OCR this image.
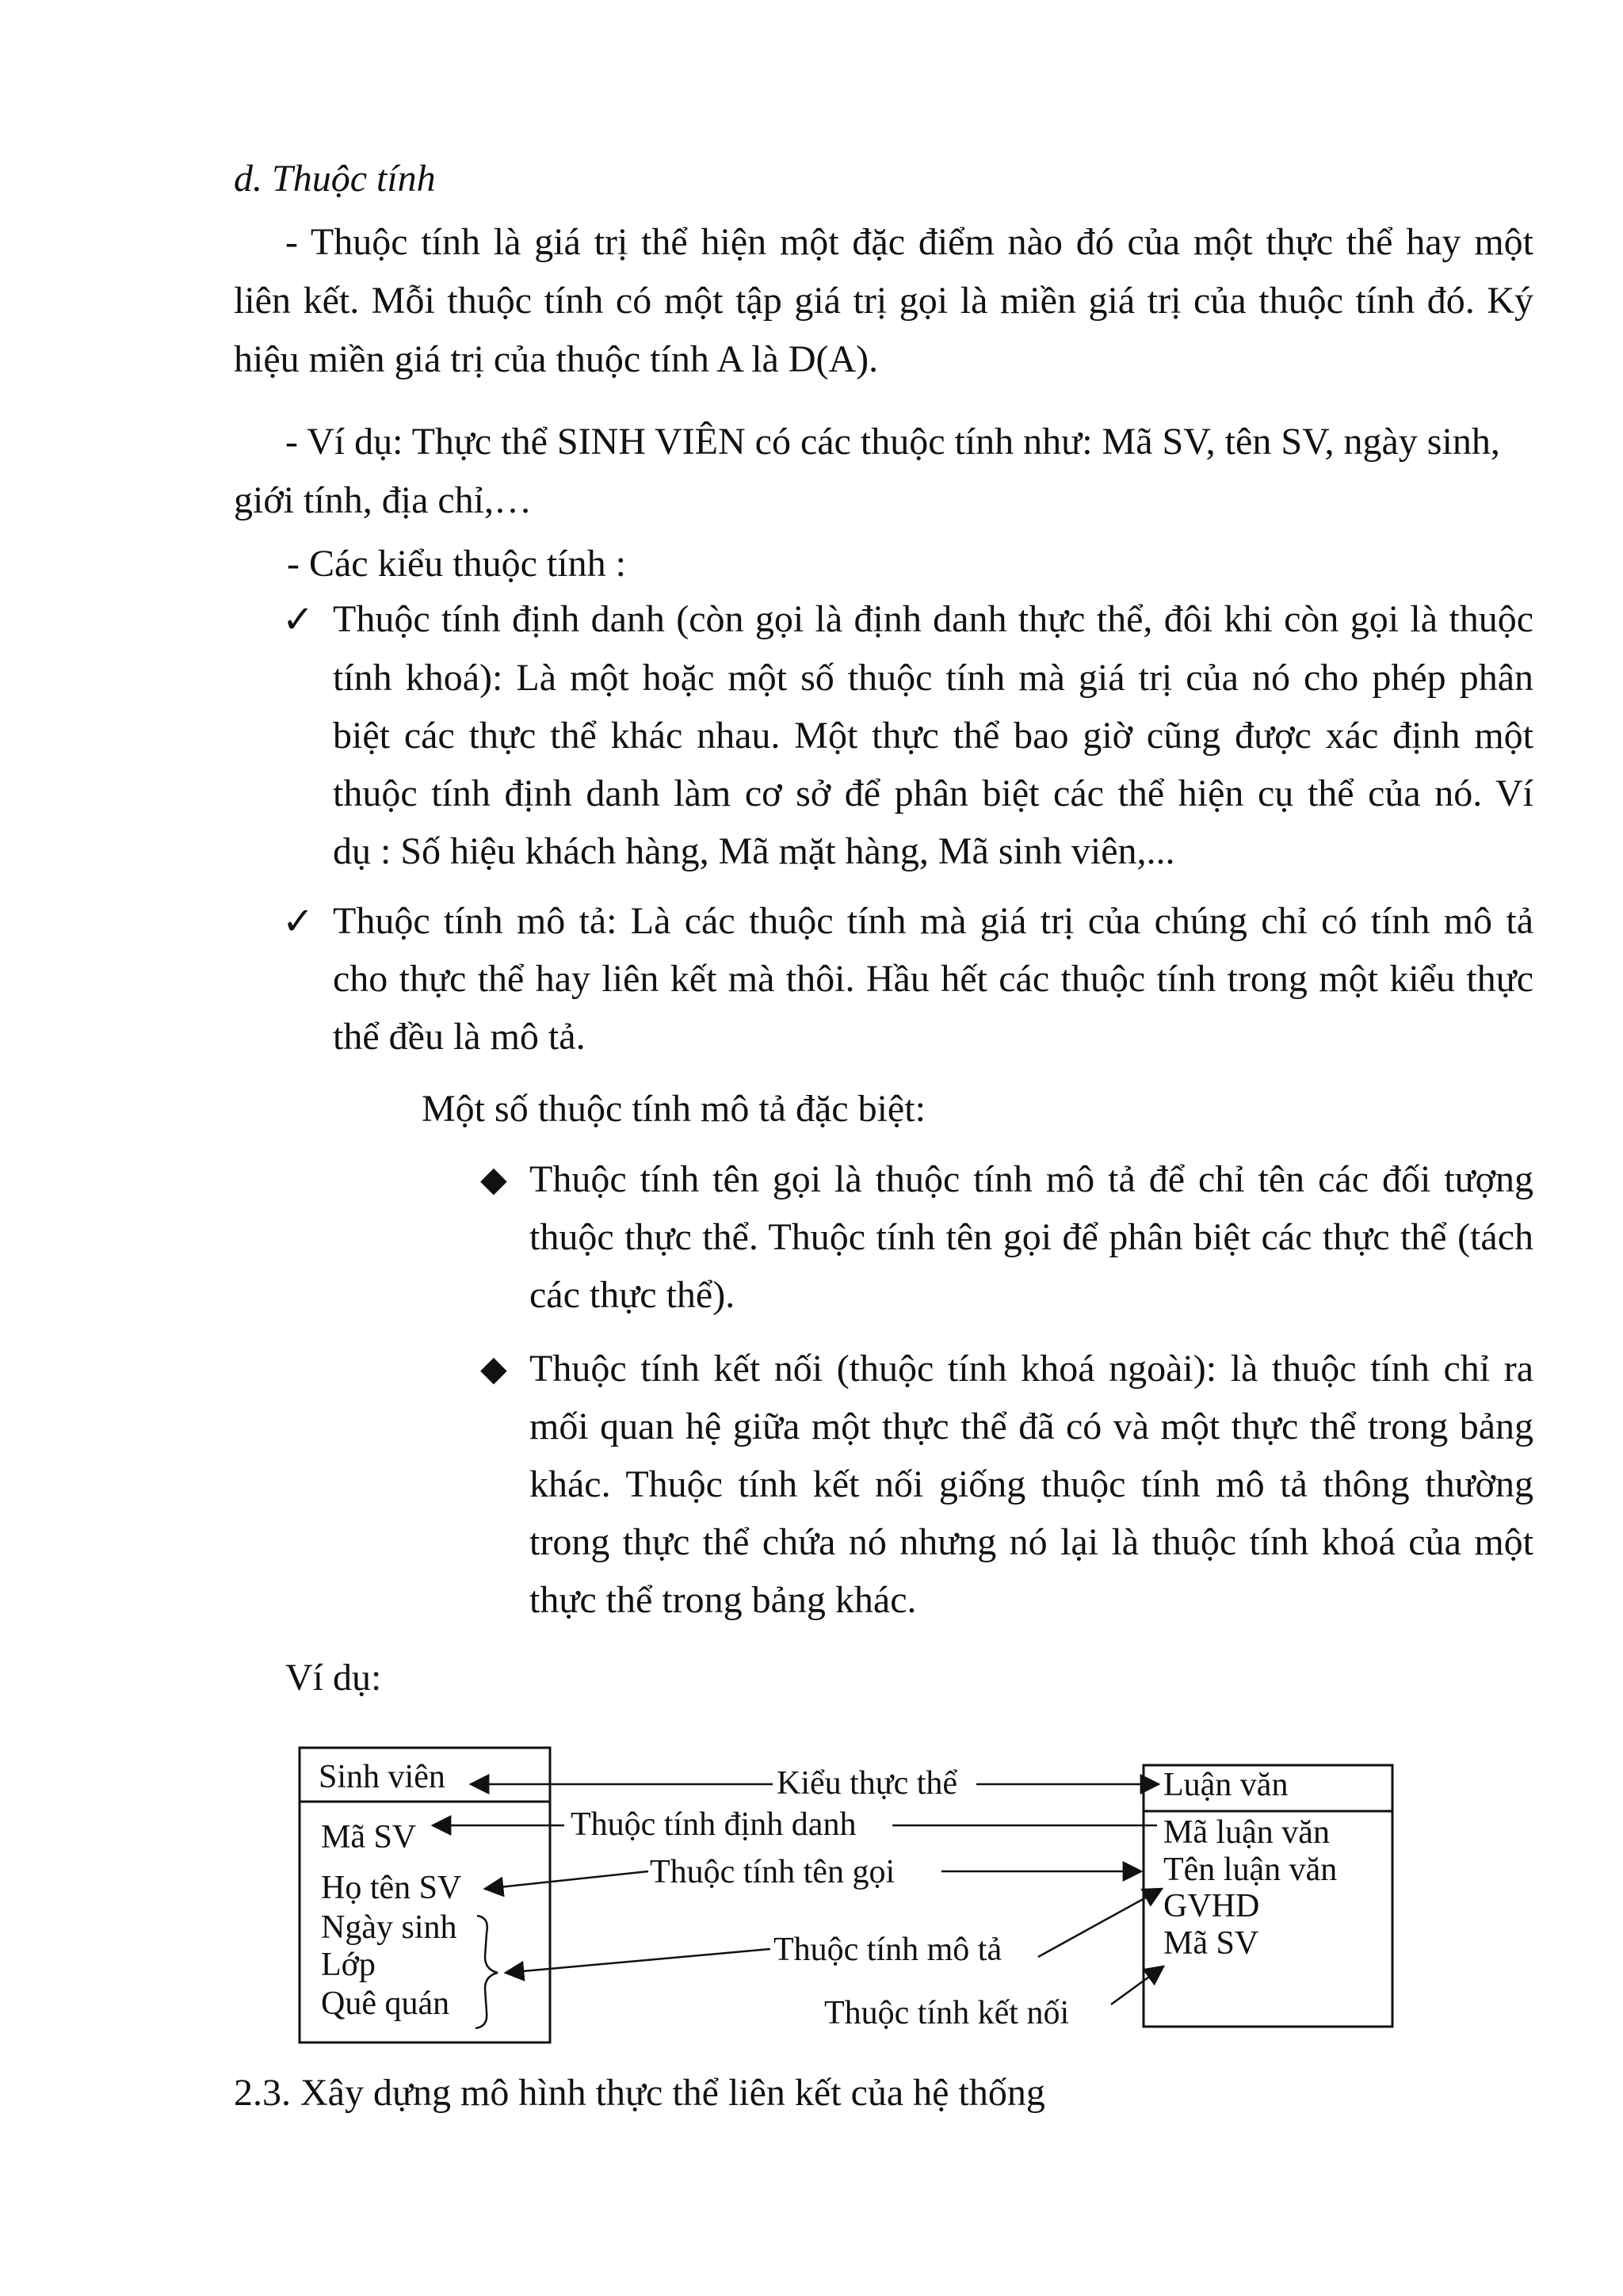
d. Thuộc tính

- Thuộc tính là giá trị thể hiện một đặc điểm nào đó của một thực thể hay một

liên kết. Mỗi thuộc tính có một tập giá trị gọi là miền giá trị của thuộc tính đó. Ký

hiệu miền giá trị của thuộc tính A là D(A).

- Ví dụ: Thực thể SINH VIÊN có các thuộc tính như: Mã SV, tên SV, ngày sinh,

giới tính, địa chỉ,…

- Các kiểu thuộc tính :

✓ Thuộc tính định danh (còn gọi là định danh thực thể, đôi khi còn gọi là thuộc

tính khoá): Là một hoặc một số thuộc tính mà giá trị của nó cho phép phân

biệt các thực thể khác nhau. Một thực thể bao giờ cũng được xác định một

thuộc tính định danh làm cơ sở để phân biệt các thể hiện cụ thể của nó. Ví

dụ : Số hiệu khách hàng, Mã mặt hàng, Mã sinh viên,...

✓ Thuộc tính mô tả: Là các thuộc tính mà giá trị của chúng chỉ có tính mô tả

cho thực thể hay liên kết mà thôi. Hầu hết các thuộc tính trong một kiểu thực

thể đều là mô tả.

Một số thuộc tính mô tả đặc biệt:

◆ Thuộc tính tên gọi là thuộc tính mô tả để chỉ tên các đối tượng

thuộc thực thể. Thuộc tính tên gọi để phân biệt các thực thể (tách

các thực thể).

◆ Thuộc tính kết nối (thuộc tính khoá ngoài): là thuộc tính chỉ ra

mối quan hệ giữa một thực thể đã có và một thực thể trong bảng

khác. Thuộc tính kết nối giống thuộc tính mô tả thông thường

trong thực thể chứa nó nhưng nó lại là thuộc tính khoá của một

thực thể trong bảng khác.

Ví dụ:

Sinh viên
Mã SV
Họ tên SV
Ngày sinh
Lớp
Quê quán
Luận văn
Mã luận văn
Tên luận văn
GVHD
Mã SV
Kiểu thực thể
Thuộc tính định danh
Thuộc tính tên gọi
Thuộc tính mô tả
Thuộc tính kết nối

2.3. Xây dựng mô hình thực thể liên kết của hệ thống
